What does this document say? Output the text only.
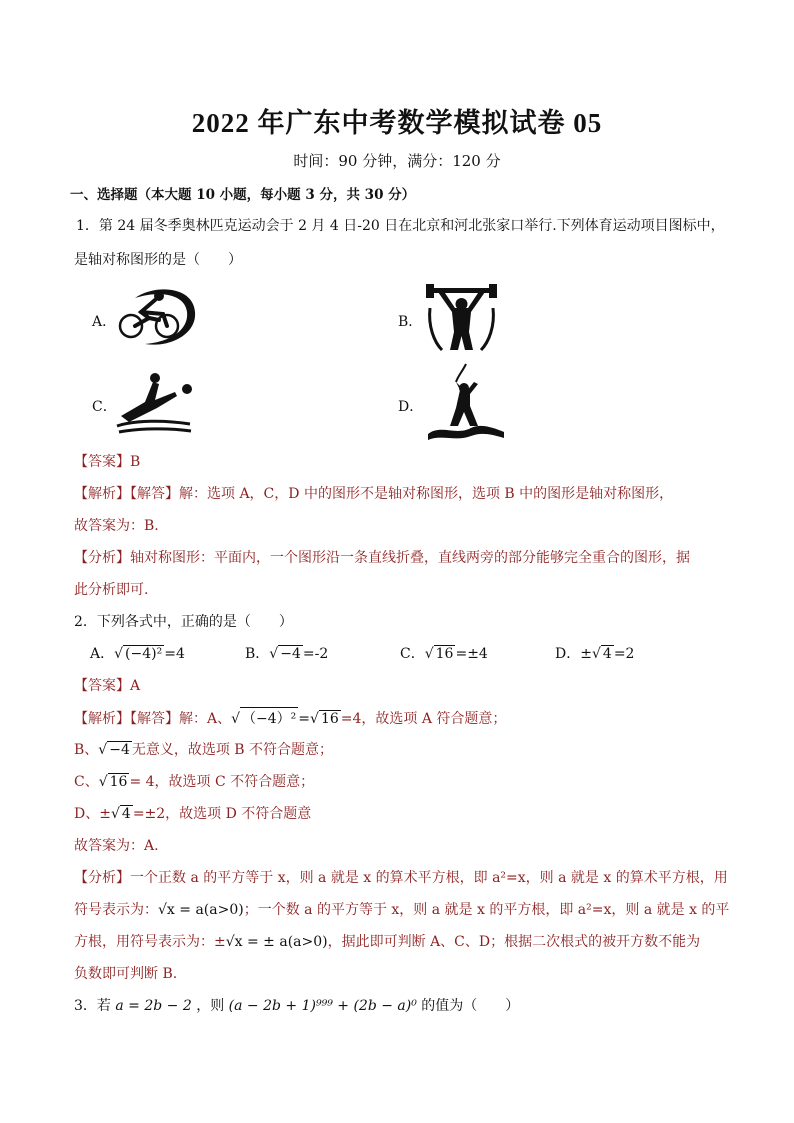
2022 年广东中考数学模拟试卷 05
时间：90 分钟，满分：120 分
一、选择题（本大题 10 小题，每小题 3 分，共 30 分）
1．第 24 届冬季奥林匹克运动会于 2 月 4 日-20 日在北京和河北张家口举行.下列体育运动项目图标中，
是轴对称图形的是（　　）
A．	B．
C．	D．
【答案】B
【解析】【解答】解：选项 A，C，D 中的图形不是轴对称图形，选项 B 中的图形是轴对称图形，
故答案为：B.
【分析】轴对称图形：平面内，一个图形沿一条直线折叠，直线两旁的部分能够完全重合的图形，据
此分析即可.
2．下列各式中，正确的是（　　）
A．√ (−4)² =4	B．√ −4 =-2	C．√ 16 =±4	D．±√ 4 =2
【答案】A
【解析】【解答】解：A、√ （−4）² =√ 16 =4，故选项 A 符合题意；
B、√ −4 无意义，故选项 B 不符合题意；
C、√ 16 = 4，故选项 C 不符合题意；
D、±√ 4 =±2，故选项 D 不符合题意
故答案为：A.
【分析】一个正数 a 的平方等于 x，则 a 就是 x 的算术平方根，即 a²=x，则 a 就是 x 的算术平方根，用
符号表示为：√x = a(a>0)；一个数 a 的平方等于 x，则 a 就是 x 的平方根，即 a²=x，则 a 就是 x 的平
方根，用符号表示为：±√x = ± a(a>0)，据此即可判断 A、C、D；根据二次根式的被开方数不能为
负数即可判断 B.
3．若 a = 2b − 2 ，则 (a − 2b + 1)⁹⁹⁹ + (2b − a)⁰ 的值为（　　）
